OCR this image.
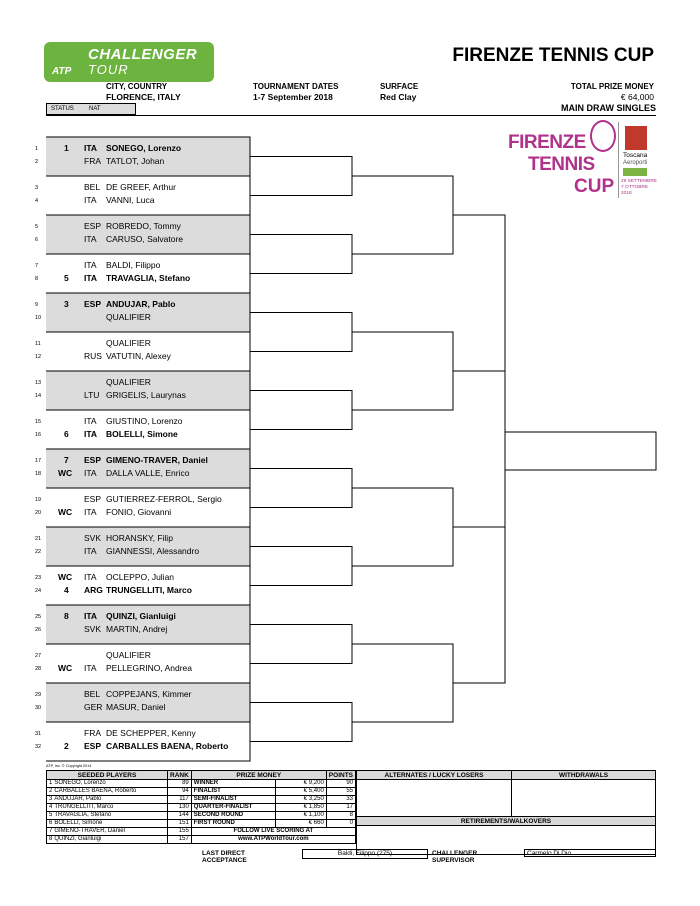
ATP
CHALLENGER
TOUR
FIRENZE TENNIS CUP
CITY, COUNTRY
FLORENCE, ITALY
TOURNAMENT DATES
1-7 September 2018
SURFACE
Red Clay
TOTAL PRIZE MONEY
€ 64,000
STATUS	NAT	MAIN DRAW SINGLES
FIRENZE
TENNIS
CUP
Toscana
Aeroporti
29 SETTEMBRE 7 OTTOBRE 2018
1	1 ITA SONEGO, Lorenzo
2	FRA TATLOT, Johan
3	BEL DE GREEF, Arthur
4	ITA VANNI, Luca
5	ESP ROBREDO, Tommy
6	ITA CARUSO, Salvatore
7	ITA BALDI, Filippo
8	5 ITA TRAVAGLIA, Stefano
9	3 ESP ANDUJAR, Pablo
10	QUALIFIER
11	QUALIFIER
12	RUS VATUTIN, Alexey
13	QUALIFIER
14	LTU GRIGELIS, Laurynas
15	ITA GIUSTINO, Lorenzo
16	6 ITA BOLELLI, Simone
17	7 ESP GIMENO-TRAVER, Daniel
18 WC ITA DALLA VALLE, Enrico
19	ESP GUTIERREZ-FERROL, Sergio
20 WC ITA FONIO, Giovanni
21	SVK HORANSKY, Filip
22	ITA GIANNESSI, Alessandro
23 WC ITA OCLEPPO, Julian
24	4 ARG TRUNGELLITI, Marco
25	8 ITA QUINZI, Gianluigi
26	SVK MARTIN, Andrej
27	QUALIFIER
28 WC ITA PELLEGRINO, Andrea
29	BEL COPPEJANS, Kimmer
30	GER MASUR, Daniel
31	FRA DE SCHEPPER, Kenny
32	2 ESP CARBALLES BAENA, Roberto
ATP, Inc. © Copyright 2014
SEEDED PLAYERS	RANK	PRIZE MONEY		POINTS
1 SONEGO, Lorenzo	89	WINNER	€ 9,200	90
2 CARBALLES BAENA, Roberto	94	FINALIST	€ 5,400	55
3 ANDUJAR, Pablo	117	SEMI-FINALIST	€ 3,250	33
4 TRUNGELLITI, Marco	130	QUARTER-FINALIST	€ 1,850	17
5 TRAVAGLIA, Stefano	144	SECOND ROUND	€ 1,100	8
6 BOLELLI, Simone	151	FIRST ROUND	€ 660	0
7 GIMENO-TRAVER, Daniel	155	FOLLOW LIVE SCORING AT		
8 QUINZI, Gianluigi	157	www.ATPWorldTour.com		
ALTERNATES / LUCKY LOSERS	WITHDRAWALS

RETIREMENTS/WALKOVERS	

LAST DIRECT ACCEPTANCE
Baldi, Filippo (275)	CHALLENGER SUPERVISOR
Carmelo Di Dio
